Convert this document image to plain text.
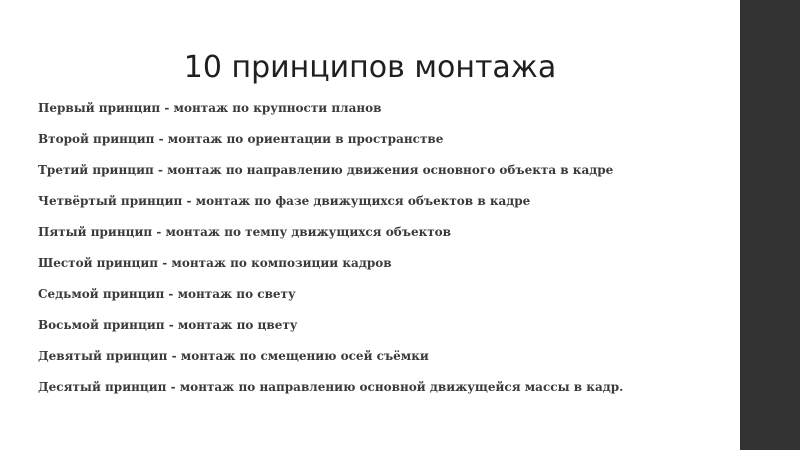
10 принципов монтажа
Первый принцип - монтаж по крупности планов
Второй принцип - монтаж по ориентации в пространстве
Третий принцип - монтаж по направлению движения основного объекта в кадре
Четвёртый принцип - монтаж по фазе движущихся объектов в кадре
Пятый принцип - монтаж по темпу движущихся объектов
Шестой принцип - монтаж по композиции кадров
Седьмой принцип - монтаж по свету
Восьмой принцип - монтаж по цвету
Девятый принцип - монтаж по смещению осей съёмки
Десятый принцип - монтаж по направлению основной движущейся массы в кадр.
